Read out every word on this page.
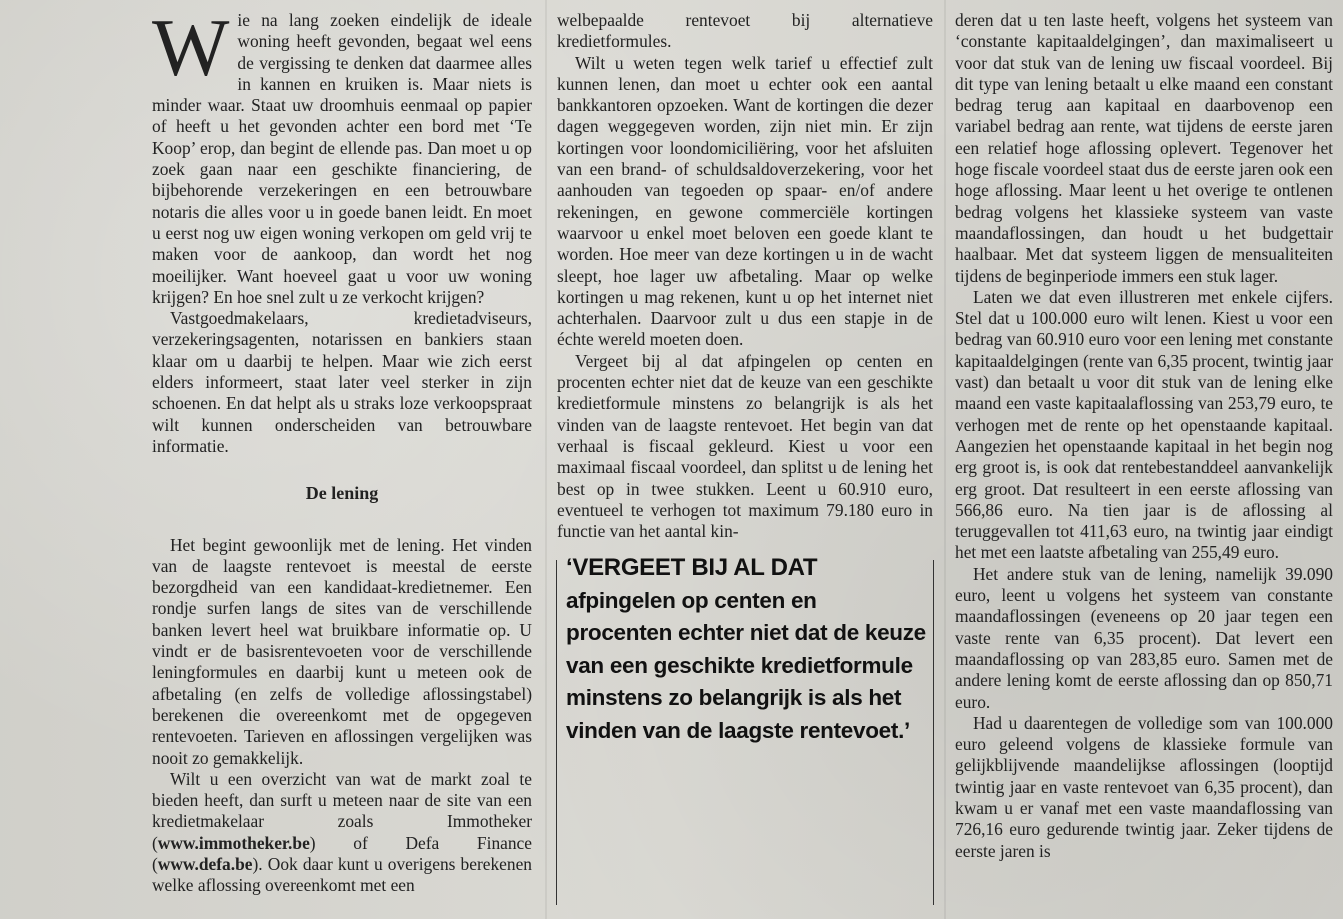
Wie na lang zoeken eindelijk de ideale woning heeft gevonden, begaat wel eens de vergissing te denken dat daarmee alles in kannen en kruiken is. Maar niets is minder waar. Staat uw droomhuis eenmaal op papier of heeft u het gevonden achter een bord met ‘Te Koop’ erop, dan begint de ellende pas. Dan moet u op zoek gaan naar een geschikte financiering, de bijbehorende verzekeringen en een betrouwbare notaris die alles voor u in goede banen leidt. En moet u eerst nog uw eigen woning verkopen om geld vrij te maken voor de aankoop, dan wordt het nog moeilijker. Want hoeveel gaat u voor uw woning krijgen? En hoe snel zult u ze verkocht krijgen?

Vastgoedmakelaars, kredietadviseurs, verzekeringsagenten, notarissen en bankiers staan klaar om u daarbij te helpen. Maar wie zich eerst elders informeert, staat later veel sterker in zijn schoenen. En dat helpt als u straks loze verkoopspraat wilt kunnen onderscheiden van betrouwbare informatie.

De lening

Het begint gewoonlijk met de lening. Het vinden van de laagste rentevoet is meestal de eerste bezorgdheid van een kandidaat-kredietnemer. Een rondje surfen langs de sites van de verschillende banken levert heel wat bruikbare informatie op. U vindt er de basisrentevoeten voor de verschillende leningformules en daarbij kunt u meteen ook de afbetaling (en zelfs de volledige aflossingstabel) berekenen die overeenkomt met de opgegeven rentevoeten. Tarieven en aflossingen vergelijken was nooit zo gemakkelijk.

Wilt u een overzicht van wat de markt zoal te bieden heeft, dan surft u meteen naar de site van een kredietmakelaar zoals Immotheker (www.immotheker.be) of Defa Finance (www.defa.be). Ook daar kunt u overigens berekenen welke aflossing overeenkomt met een

welbepaalde rentevoet bij alternatieve kredietformules.

Wilt u weten tegen welk tarief u effectief zult kunnen lenen, dan moet u echter ook een aantal bankkantoren opzoeken. Want de kortingen die dezer dagen weggegeven worden, zijn niet min. Er zijn kortingen voor loondomiciliëring, voor het afsluiten van een brand- of schuldsaldoverzekering, voor het aanhouden van tegoeden op spaar- en/of andere rekeningen, en gewone commerciële kortingen waarvoor u enkel moet beloven een goede klant te worden. Hoe meer van deze kortingen u in de wacht sleept, hoe lager uw afbetaling. Maar op welke kortingen u mag rekenen, kunt u op het internet niet achterhalen. Daarvoor zult u dus een stapje in de échte wereld moeten doen.

Vergeet bij al dat afpingelen op centen en procenten echter niet dat de keuze van een geschikte kredietformule minstens zo belangrijk is als het vinden van de laagste rentevoet. Het begin van dat verhaal is fiscaal gekleurd. Kiest u voor een maximaal fiscaal voordeel, dan splitst u de lening het best op in twee stukken. Leent u 60.910 euro, eventueel te verhogen tot maximum 79.180 euro in functie van het aantal kin-

‘VERGEET BIJ AL DAT
afpingelen op centen en procenten echter niet dat de keuze van een geschikte kredietformule minstens zo belangrijk is als het vinden van de laagste rentevoet.’

deren dat u ten laste heeft, volgens het systeem van ‘constante kapitaaldelgingen’, dan maximaliseert u voor dat stuk van de lening uw fiscaal voordeel. Bij dit type van lening betaalt u elke maand een constant bedrag terug aan kapitaal en daarbovenop een variabel bedrag aan rente, wat tijdens de eerste jaren een relatief hoge aflossing oplevert. Tegenover het hoge fiscale voordeel staat dus de eerste jaren ook een hoge aflossing. Maar leent u het overige te ontlenen bedrag volgens het klassieke systeem van vaste maandaflossingen, dan houdt u het budgettair haalbaar. Met dat systeem liggen de mensualiteiten tijdens de beginperiode immers een stuk lager.

Laten we dat even illustreren met enkele cijfers. Stel dat u 100.000 euro wilt lenen. Kiest u voor een bedrag van 60.910 euro voor een lening met constante kapitaaldelgingen (rente van 6,35 procent, twintig jaar vast) dan betaalt u voor dit stuk van de lening elke maand een vaste kapitaalaflossing van 253,79 euro, te verhogen met de rente op het openstaande kapitaal. Aangezien het openstaande kapitaal in het begin nog erg groot is, is ook dat rentebestanddeel aanvankelijk erg groot. Dat resulteert in een eerste aflossing van 566,86 euro. Na tien jaar is de aflossing al teruggevallen tot 411,63 euro, na twintig jaar eindigt het met een laatste afbetaling van 255,49 euro.

Het andere stuk van de lening, namelijk 39.090 euro, leent u volgens het systeem van constante maandaflossingen (eveneens op 20 jaar tegen een vaste rente van 6,35 procent). Dat levert een maandaflossing op van 283,85 euro. Samen met de andere lening komt de eerste aflossing dan op 850,71 euro.

Had u daarentegen de volledige som van 100.000 euro geleend volgens de klassieke formule van gelijkblijvende maandelijkse aflossingen (looptijd twintig jaar en vaste rentevoet van 6,35 procent), dan kwam u er vanaf met een vaste maandaflossing van 726,16 euro gedurende twintig jaar. Zeker tijdens de eerste jaren is
